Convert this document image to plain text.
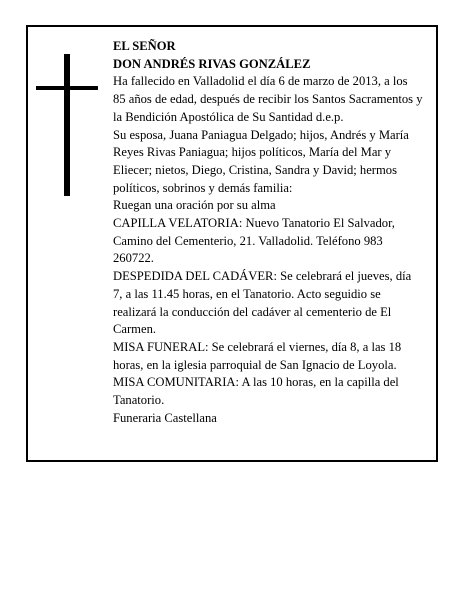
EL SEÑOR

DON ANDRÉS RIVAS GONZÁLEZ

Ha fallecido en Valladolid el día 6 de marzo de 2013, a los 85 años de edad, después de recibir los Santos Sacramentos y la Bendición Apostólica de Su Santidad d.e.p.

Su esposa, Juana Paniagua Delgado; hijos, Andrés y María Reyes Rivas Paniagua; hijos políticos, María del Mar y Eliecer; nietos, Diego, Cristina, Sandra y David; hermos políticos, sobrinos y demás familia:

Ruegan una oración por su alma

CAPILLA VELATORIA: Nuevo Tanatorio El Salvador, Camino del Cementerio, 21. Valladolid. Teléfono 983 260722.

DESPEDIDA DEL CADÁVER: Se celebrará el jueves, día 7, a las 11.45 horas, en el Tanatorio. Acto seguidio se realizará la conducción del cadáver al cementerio de El Carmen.

MISA FUNERAL: Se celebrará el viernes, día 8, a las 18 horas, en la iglesia parroquial de San Ignacio de Loyola.

MISA COMUNITARIA: A las 10 horas, en la capilla del Tanatorio.

Funeraria Castellana
